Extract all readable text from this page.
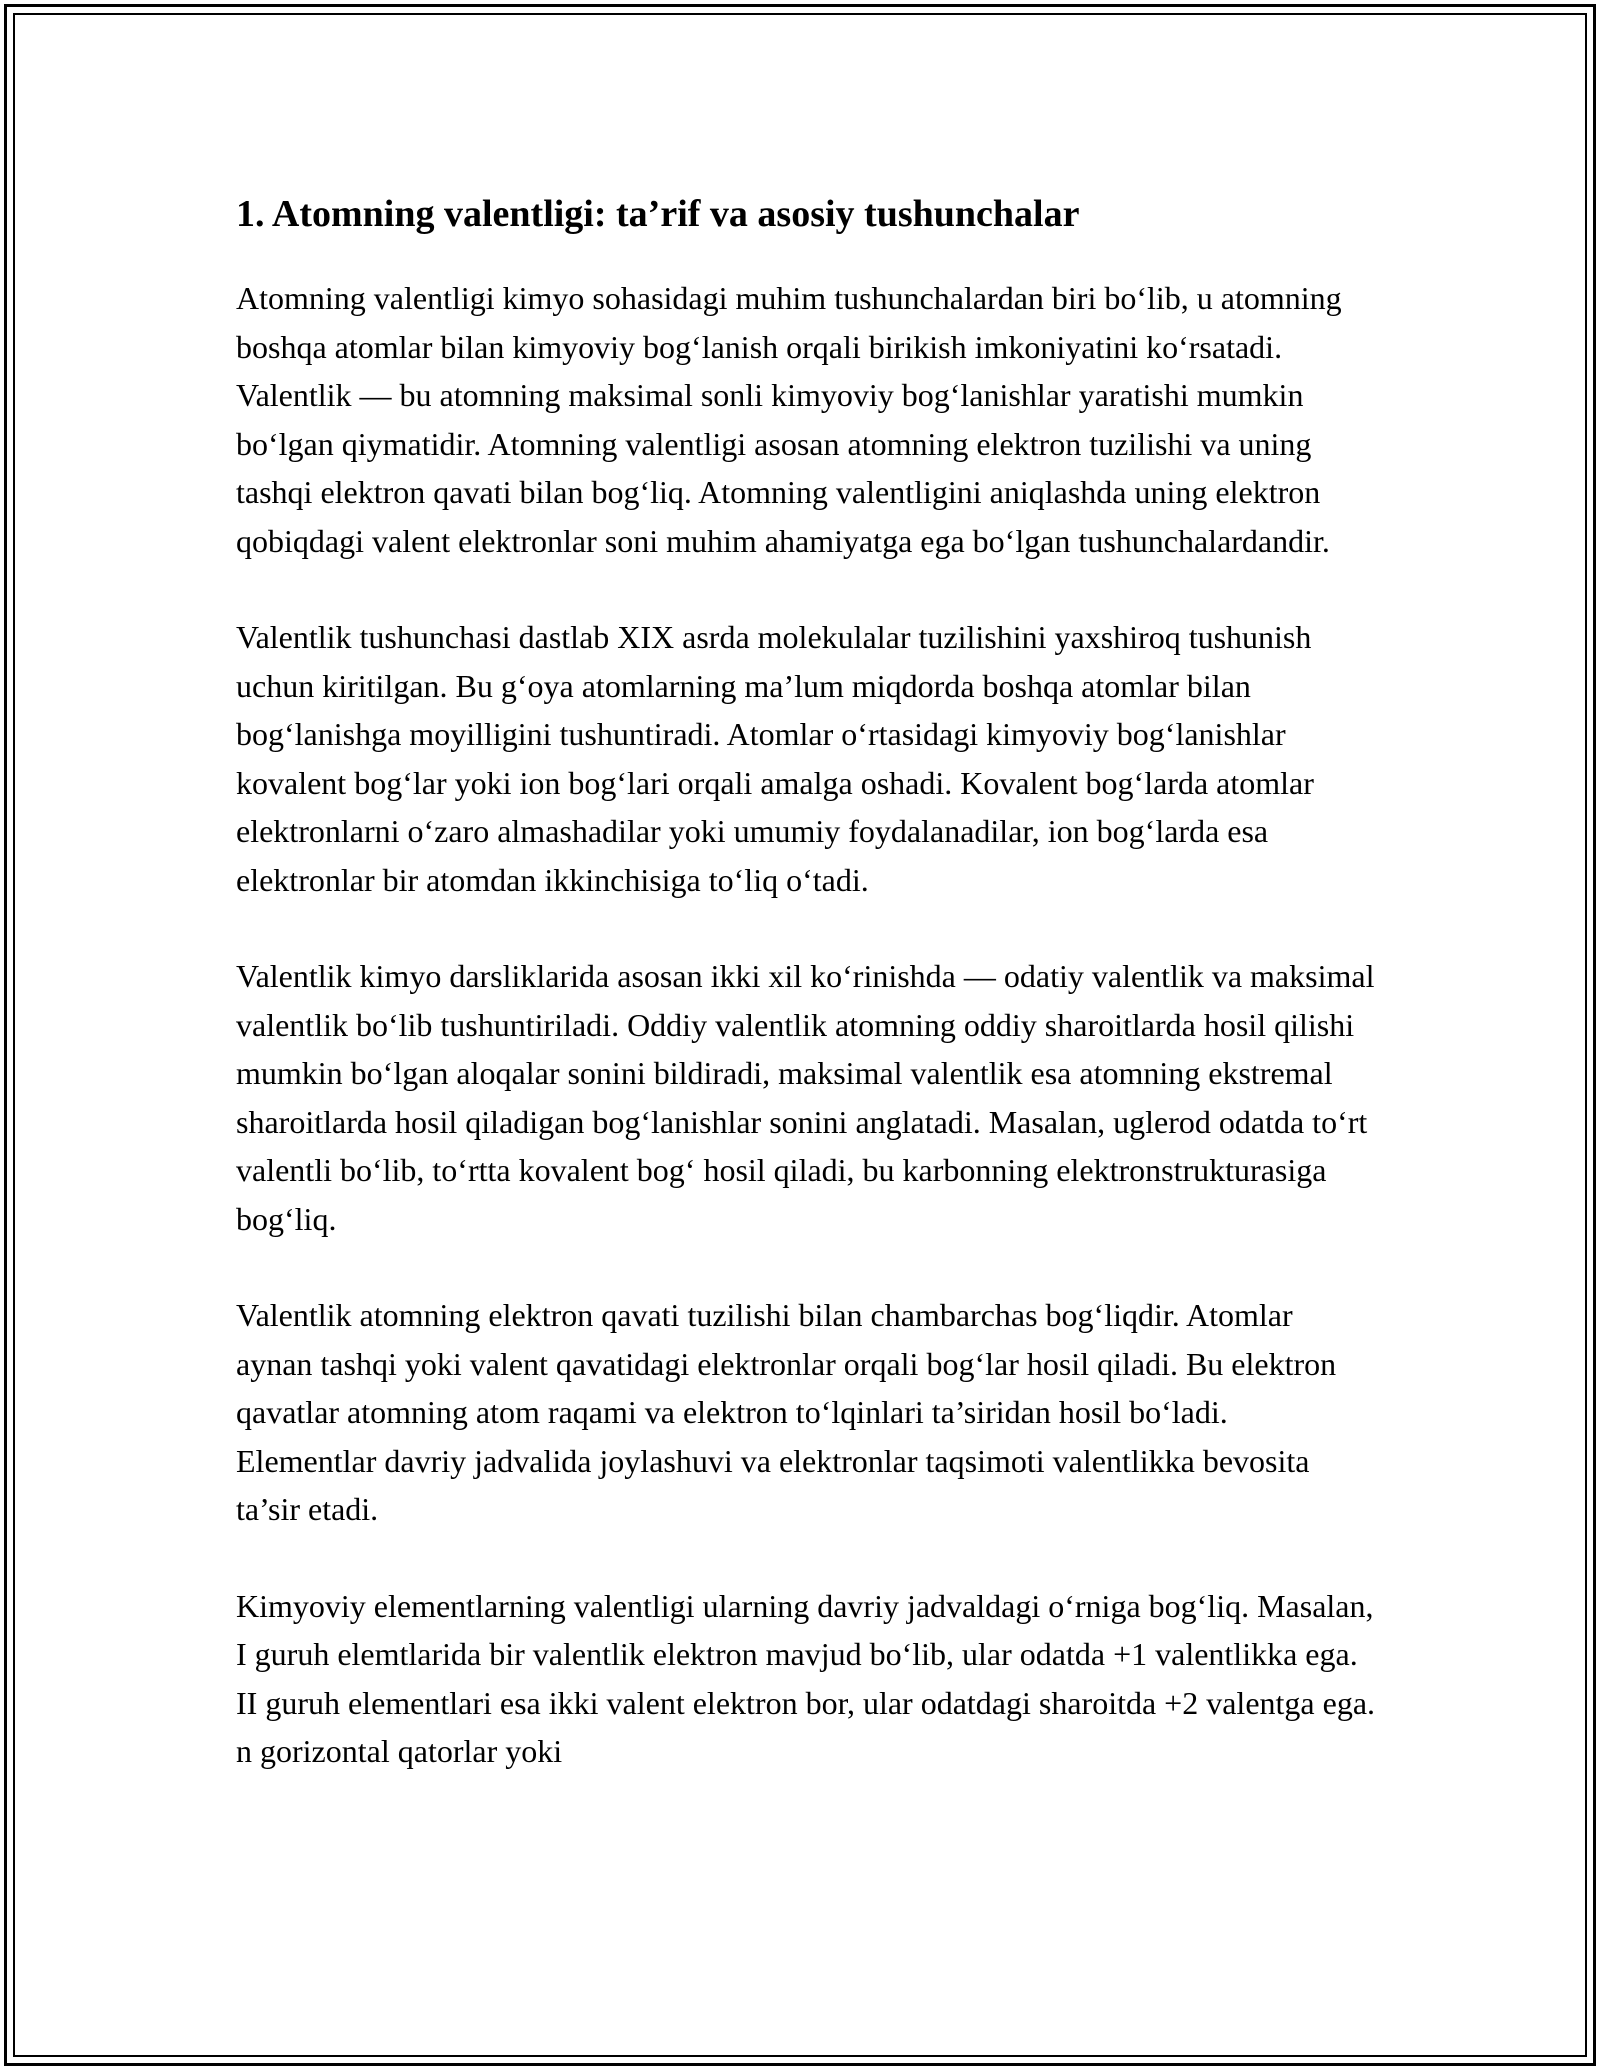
1. Atomning valentligi: ta’rif va asosiy tushunchalar

Atomning valentligi kimyo sohasidagi muhim tushunchalardan biri bo‘lib, u atomning boshqa atomlar bilan kimyoviy bog‘lanish orqali birikish imkoniyatini ko‘rsatadi. Valentlik — bu atomning maksimal sonli kimyoviy bog‘lanishlar yaratishi mumkin bo‘lgan qiymatidir. Atomning valentligi asosan atomning elektron tuzilishi va uning tashqi elektron qavati bilan bog‘liq. Atomning valentligini aniqlashda uning elektron qobiqdagi valent elektronlar soni muhim ahamiyatga ega bo‘lgan tushunchalardandir.

Valentlik tushunchasi dastlab XIX asrda molekulalar tuzilishini yaxshiroq tushunish uchun kiritilgan. Bu g‘oya atomlarning ma’lum miqdorda boshqa atomlar bilan bog‘lanishga moyilligini tushuntiradi. Atomlar o‘rtasidagi kimyoviy bog‘lanishlar kovalent bog‘lar yoki ion bog‘lari orqali amalga oshadi. Kovalent bog‘larda atomlar elektronlarni o‘zaro almashadilar yoki umumiy foydalanadilar, ion bog‘larda esa elektronlar bir atomdan ikkinchisiga to‘liq o‘tadi.

Valentlik kimyo darsliklarida asosan ikki xil ko‘rinishda — odatiy valentlik va maksimal valentlik bo‘lib tushuntiriladi. Oddiy valentlik atomning oddiy sharoitlarda hosil qilishi mumkin bo‘lgan aloqalar sonini bildiradi, maksimal valentlik esa atomning ekstremal sharoitlarda hosil qiladigan bog‘lanishlar sonini anglatadi. Masalan, uglerod odatda to‘rt valentli bo‘lib, to‘rtta kovalent bog‘ hosil qiladi, bu karbonning elektronstrukturasiga bog‘liq.

Valentlik atomning elektron qavati tuzilishi bilan chambarchas bog‘liqdir. Atomlar aynan tashqi yoki valent qavatidagi elektronlar orqali bog‘lar hosil qiladi. Bu elektron qavatlar atomning atom raqami va elektron to‘lqinlari ta’siridan hosil bo‘ladi. Elementlar davriy jadvalida joylashuvi va elektronlar taqsimoti valentlikka bevosita ta’sir etadi.

Kimyoviy elementlarning valentligi ularning davriy jadvaldagi o‘rniga bog‘liq. Masalan, I guruh elemtlarida bir valentlik elektron mavjud bo‘lib, ular odatda +1 valentlikka ega. II guruh elementlari esa ikki valent elektron bor, ular odatdagi sharoitda +2 valentga ega. n gorizontal qatorlar yoki
